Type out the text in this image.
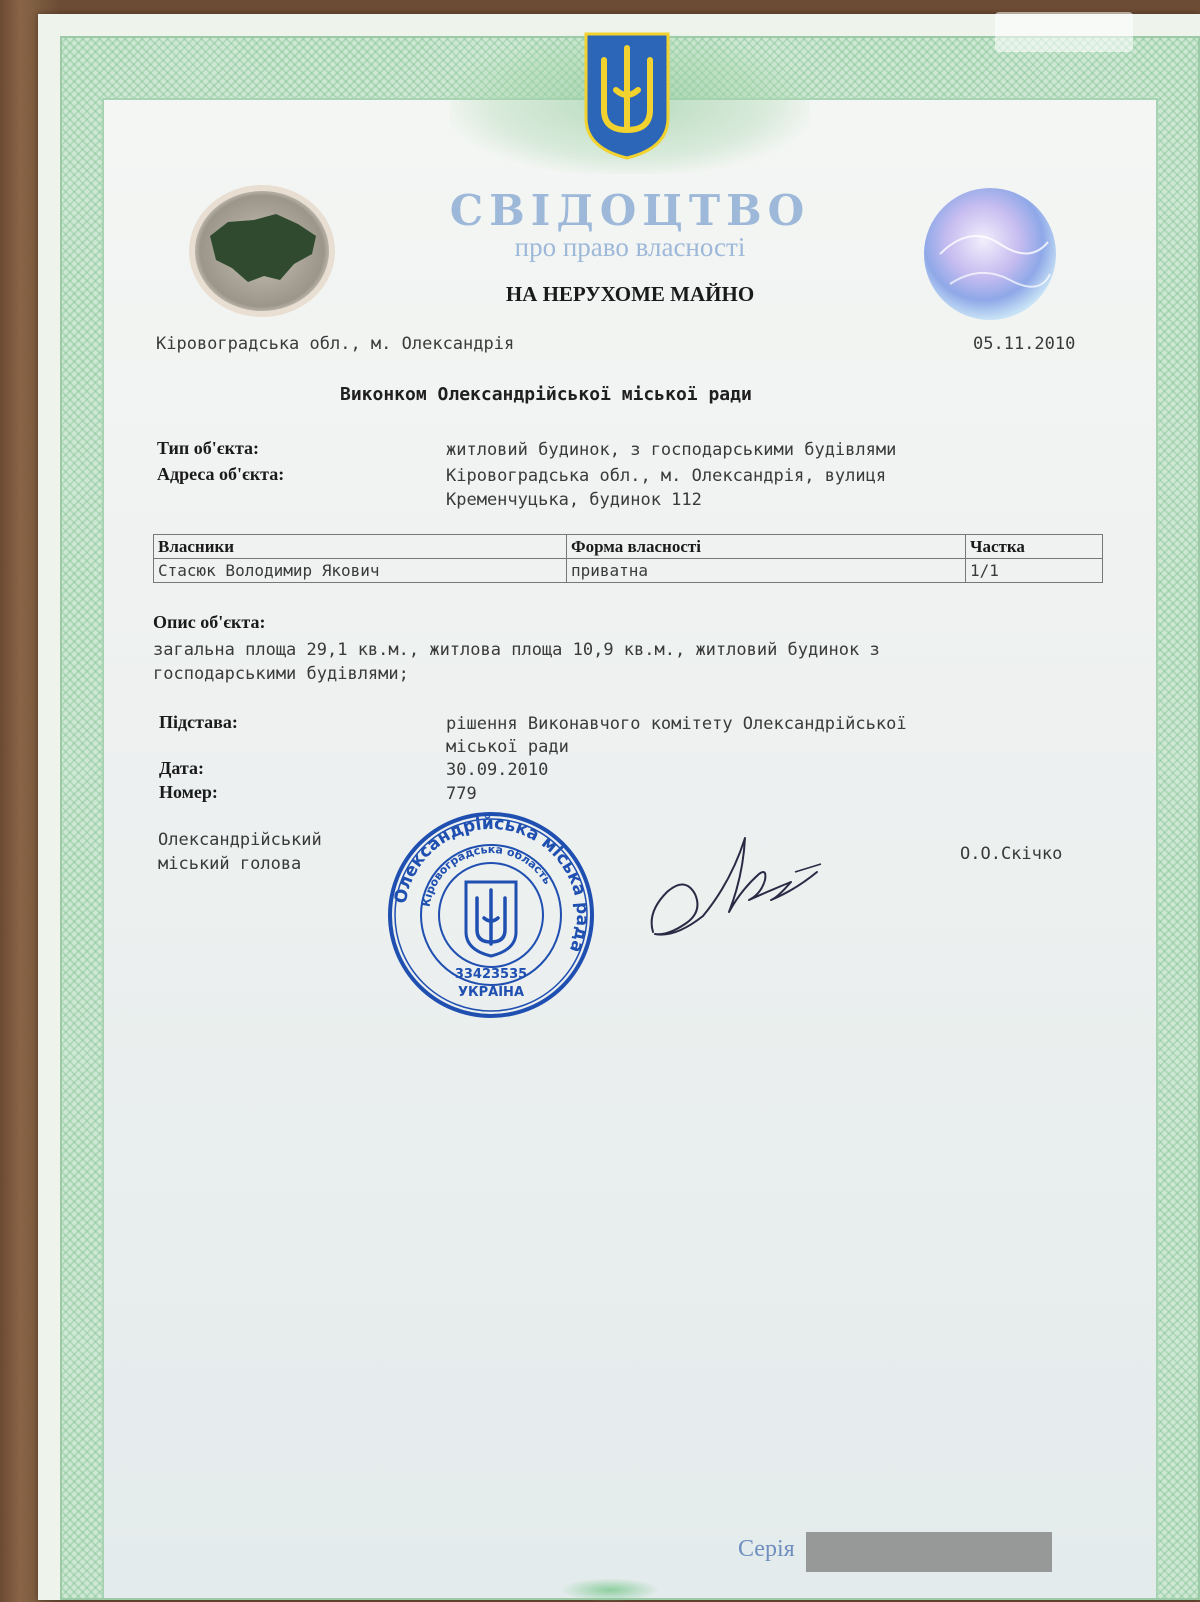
СВІДОЦТВО
про право власності
НА НЕРУХОМЕ МАЙНО
Кіровоградська обл., м. Олександрія	05.11.2010
Виконком Олександрійської міської ради
Тип об'єкта:	житловий будинок, з господарськими будівлями
Адреса об'єкта:	Кіровоградська обл., м. Олександрія, вулиця
Кременчуцька, будинок 112
Власники	Форма власності	Частка
Стасюк Володимир Якович	приватна	1/1
Опис об'єкта:
загальна площа 29,1 кв.м., житлова площа 10,9 кв.м., житловий будинок з
господарськими будівлями;
Підстава:	рішення Виконавчого комітету Олександрійської
міської ради
Дата:	30.09.2010
Номер:	779
Олександрійський
міський голова	О.О.Скічко
Олександрійська міська рада
Кіровоградська область
33423535
УКРАЇНА
Серія
